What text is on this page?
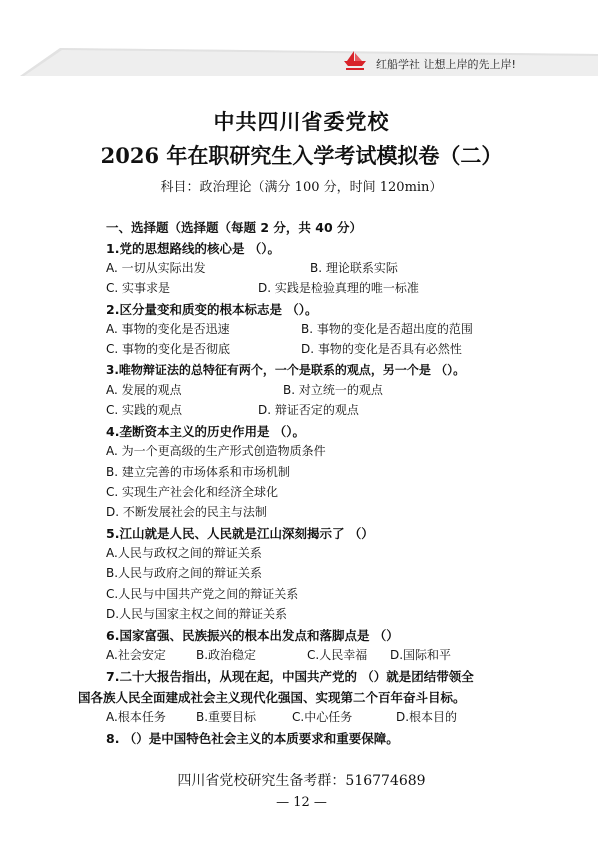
红船学社 让想上岸的先上岸!
中共四川省委党校
2026 年在职研究生入学考试模拟卷（二）
科目：政治理论（满分 100 分，时间 120min）
一、选择题（选择题（每题 2 分，共 40 分）
1.党的思想路线的核心是 （）。
A. 一切从实际出发	B. 理论联系实际
C. 实事求是	D. 实践是检验真理的唯一标准
2.区分量变和质变的根本标志是 （）。
A. 事物的变化是否迅速	B. 事物的变化是否超出度的范围
C. 事物的变化是否彻底	D. 事物的变化是否具有必然性
3.唯物辩证法的总特征有两个，一个是联系的观点，另一个是 （）。
A. 发展的观点	B. 对立统一的观点
C. 实践的观点	D. 辩证否定的观点
4.垄断资本主义的历史作用是 （）。
A. 为一个更高级的生产形式创造物质条件
B. 建立完善的市场体系和市场机制
C. 实现生产社会化和经济全球化
D. 不断发展社会的民主与法制
5.江山就是人民、人民就是江山深刻揭示了 （）
A.人民与政权之间的辩证关系
B.人民与政府之间的辩证关系
C.人民与中国共产党之间的辩证关系
D.人民与国家主权之间的辩证关系
6.国家富强、民族振兴的根本出发点和落脚点是 （）
A.社会安定	B.政治稳定	C.人民幸福 D.国际和平
7.二十大报告指出，从现在起，中国共产党的 （）就是团结带领全
国各族人民全面建成社会主义现代化强国、实现第二个百年奋斗目标。
A.根本任务	B.重要目标	C.中心任务	D.根本目的
8. （）是中国特色社会主义的本质要求和重要保障。
四川省党校研究生备考群：516774689
— 12 —
